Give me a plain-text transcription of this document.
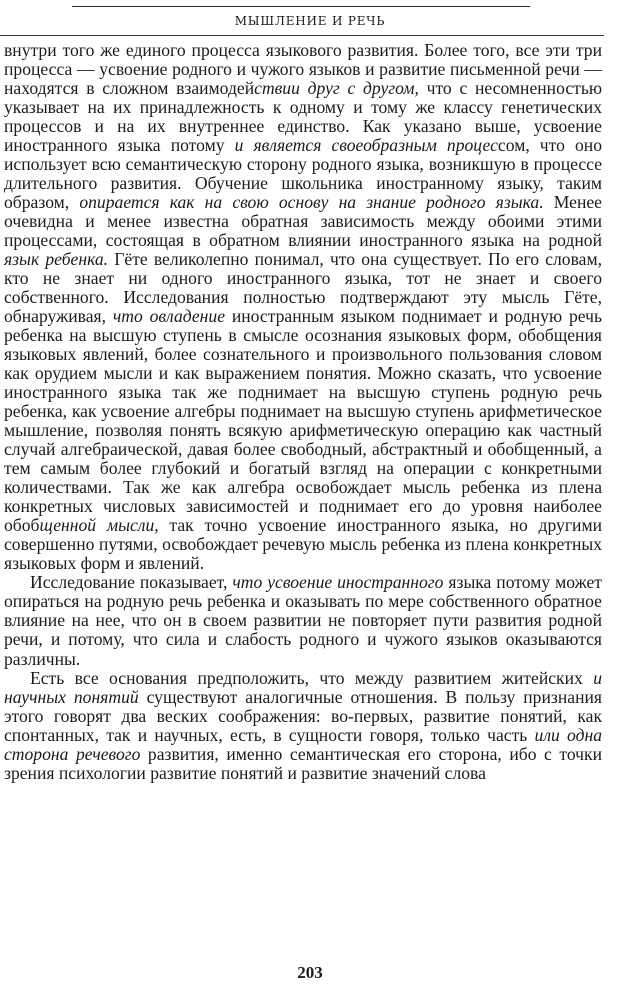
МЫШЛЕНИЕ И РЕЧЬ

внутри того же единого процесса языкового развития. Более того, все эти три процесса — усвоение родного и чужого языков и развитие письменной речи — находятся в сложном взаимодействии друг с другом, что с несомненностью указывает на их принадлежность к одному и тому же классу генетических процессов и на их внутреннее единство. Как указано выше, усвоение иностранного языка потому и является своеобразным процессом, что оно использует всю семантическую сторону родного языка, возникшую в процессе длительного развития. Обучение школьника иностранному языку, таким образом, опирается как на свою основу на знание родного языка. Менее очевидна и менее известна обратная зависимость между обоими этими процессами, состоящая в обратном влиянии иностранного языка на родной язык ребенка. Гёте великолепно понимал, что она существует. По его словам, кто не знает ни одного иностранного языка, тот не знает и своего собственного. Исследования полностью подтверждают эту мысль Гёте, обнаруживая, что овладение иностранным языком поднимает и родную речь ребенка на высшую ступень в смысле осознания языковых форм, обобщения языковых явлений, более сознательного и произвольного пользования словом как орудием мысли и как выражением понятия. Можно сказать, что усвоение иностранного языка так же поднимает на высшую ступень родную речь ребенка, как усвоение алгебры поднимает на высшую ступень арифметическое мышление, позволяя понять всякую арифметическую операцию как частный случай алгебраической, давая более свободный, абстрактный и обобщенный, а тем самым более глубокий и богатый взгляд на операции с конкретными количествами. Так же как алгебра освобождает мысль ребенка из плена конкретных числовых зависимостей и поднимает его до уровня наиболее обобщенной мысли, так точно усвоение иностранного языка, но другими совершенно путями, освобождает речевую мысль ребенка из плена конкретных языковых форм и явлений.

Исследование показывает, что усвоение иностранного языка потому может опираться на родную речь ребенка и оказывать по мере собственного обратное влияние на нее, что он в своем развитии не повторяет пути развития родной речи, и потому, что сила и слабость родного и чужого языков оказываются различны.

Есть все основания предположить, что между развитием житейских и научных понятий существуют аналогичные отношения. В пользу признания этого говорят два веских соображения: во-первых, развитие понятий, как спонтанных, так и научных, есть, в сущности говоря, только часть или одна сторона речевого развития, именно семантическая его сторона, ибо с точки зрения психологии развитие понятий и развитие значений слова

203
